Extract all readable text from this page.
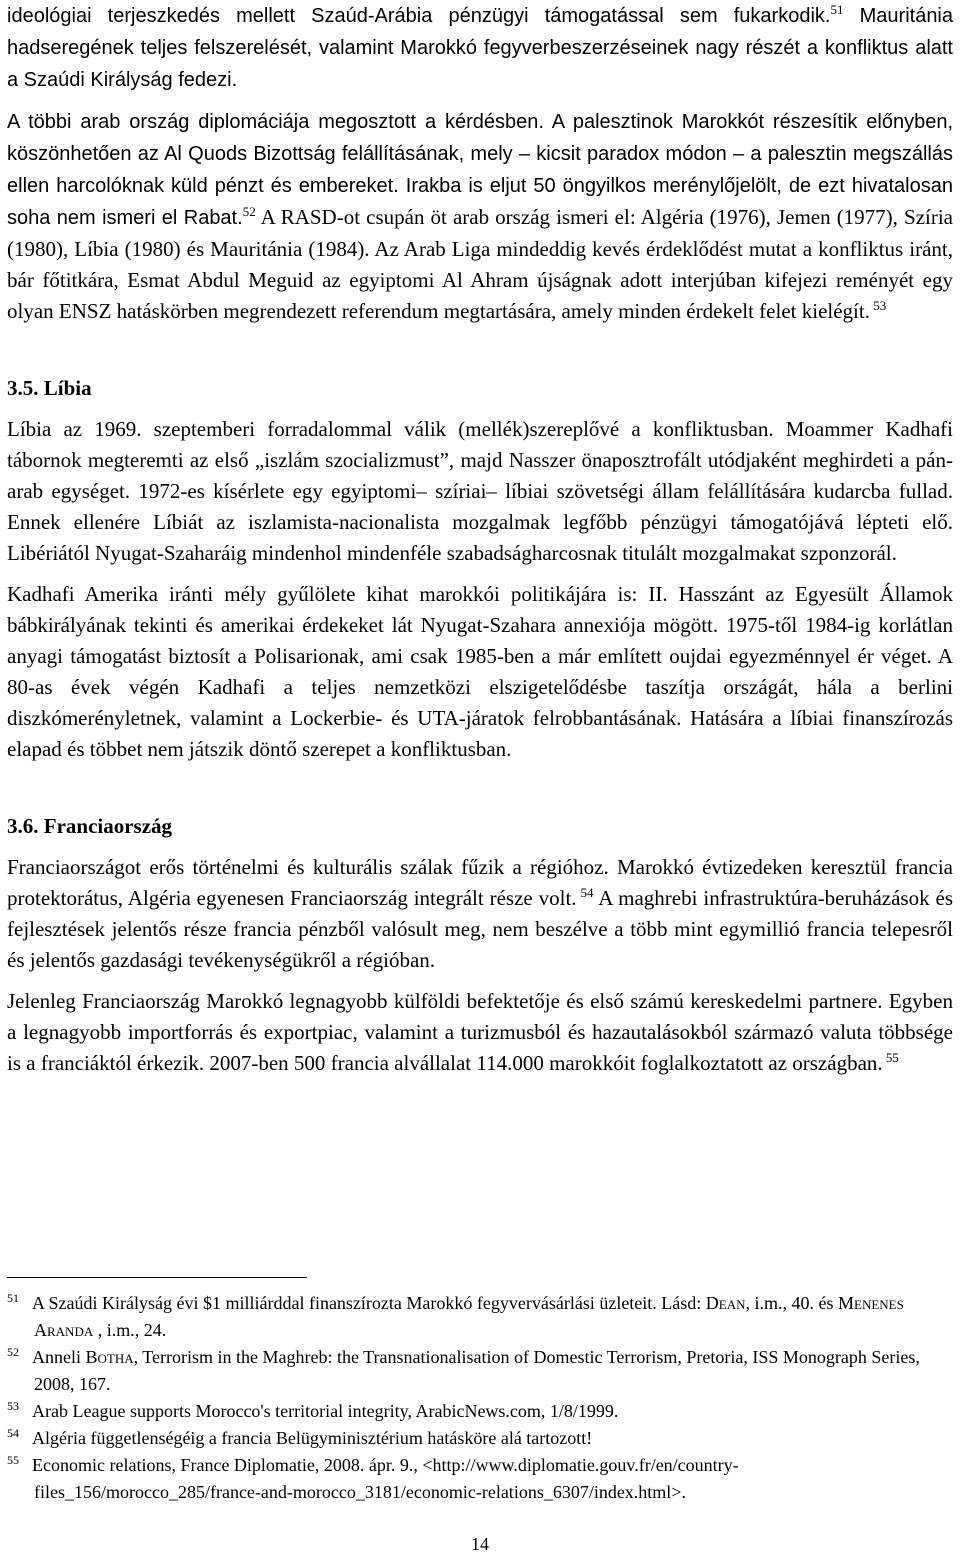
ideológiai terjeszkedés mellett Szaúd-Arábia pénzügyi támogatással sem fukarkodik.$^{51}$ Mauritánia hadseregének teljes felszerelését, valamint Marokkó fegyverbeszerzéseinek nagy részét a konfliktus alatt a Szaúdi Királyság fedezi.

A többi arab ország diplomáciája megosztott a kérdésben. A palesztinok Marokkót részesítik előnyben, köszönhetően az Al Quods Bizottság felállításának, mely – kicsit paradox módon – a palesztin megszállás ellen harcolóknak küld pénzt és embereket. Irakba is eljut 50 öngyilkos merénylőjelölt, de ezt hivatalosan soha nem ismeri el Rabat.$^{52}$ A RASD-ot csupán öt arab ország ismeri el: Algéria (1976), Jemen (1977), Szíria (1980), Líbia (1980) és Mauritánia (1984). Az Arab Liga mindeddig kevés érdeklődést mutat a konfliktus iránt, bár főtitkára, Esmat Abdul Meguid az egyiptomi Al Ahram újságnak adott interjúban kifejezi reményét egy olyan ENSZ hatáskörben megrendezett referendum megtartására, amely minden érdekelt felet kielégít. $^{53}$

3.5. Líbia

Líbia az 1969. szeptemberi forradalommal válik (mellék)szereplővé a konfliktusban. Moammer Kadhafi tábornok megteremti az első „iszlám szocializmust”, majd Nasszer önaposztrofált utódjaként meghirdeti a pán-arab egységet. 1972-es kísérlete egy egyiptomi– szíriai– líbiai szövetségi állam felállítására kudarcba fullad. Ennek ellenére Líbiát az iszlamista-nacionalista mozgalmak legfőbb pénzügyi támogatójává lépteti elő. Libériától Nyugat-Szaharáig mindenhol mindenféle szabadságharcosnak titulált mozgalmakat szponzorál.

Kadhafi Amerika iránti mély gyűlölete kihat marokkói politikájára is: II. Hasszánt az Egyesült Államok bábkirályának tekinti és amerikai érdekeket lát Nyugat-Szahara annexiója mögött. 1975-től 1984-ig korlátlan anyagi támogatást biztosít a Polisarionak, ami csak 1985-ben a már említett oujdai egyezménnyel ér véget. A 80-as évek végén Kadhafi a teljes nemzetközi elszigetelődésbe taszítja országát, hála a berlini diszkómerényletnek, valamint a Lockerbie- és UTA-járatok felrobbantásának. Hatására a líbiai finanszírozás elapad és többet nem játszik döntő szerepet a konfliktusban.

3.6. Franciaország

Franciaországot erős történelmi és kulturális szálak fűzik a régióhoz. Marokkó évtizedeken keresztül francia protektorátus, Algéria egyenesen Franciaország integrált része volt. $^{54}$ A maghrebi infrastruktúra-beruházások és fejlesztések jelentős része francia pénzből valósult meg, nem beszélve a több mint egymillió francia telepesről és jelentős gazdasági tevékenységükről a régióban.

Jelenleg Franciaország Marokkó legnagyobb külföldi befektetője és első számú kereskedelmi partnere. Egyben a legnagyobb importforrás és exportpiac, valamint a turizmusból és hazautalásokból származó valuta többsége is a franciáktól érkezik. 2007-ben 500 francia alvállalat 114.000 marokkóit foglalkoztatott az országban. $^{55}$

$^{51}$ A Szaúdi Királyság évi $1 milliárddal finanszírozta Marokkó fegyvervásárlási üzleteit. Lásd: Dean, i.m., 40. és Menenes Aranda , i.m., 24.
$^{52}$ Anneli Botha, Terrorism in the Maghreb: the Transnationalisation of Domestic Terrorism, Pretoria, ISS Monograph Series, 2008, 167.
$^{53}$ Arab League supports Morocco's territorial integrity, ArabicNews.com, 1/8/1999.
$^{54}$ Algéria függetlenségéig a francia Belügyminisztérium hatásköre alá tartozott!
$^{55}$ Economic relations, France Diplomatie, 2008. ápr. 9., <http://www.diplomatie.gouv.fr/en/country-files_156/morocco_285/france-and-morocco_3181/economic-relations_6307/index.html>.
14
